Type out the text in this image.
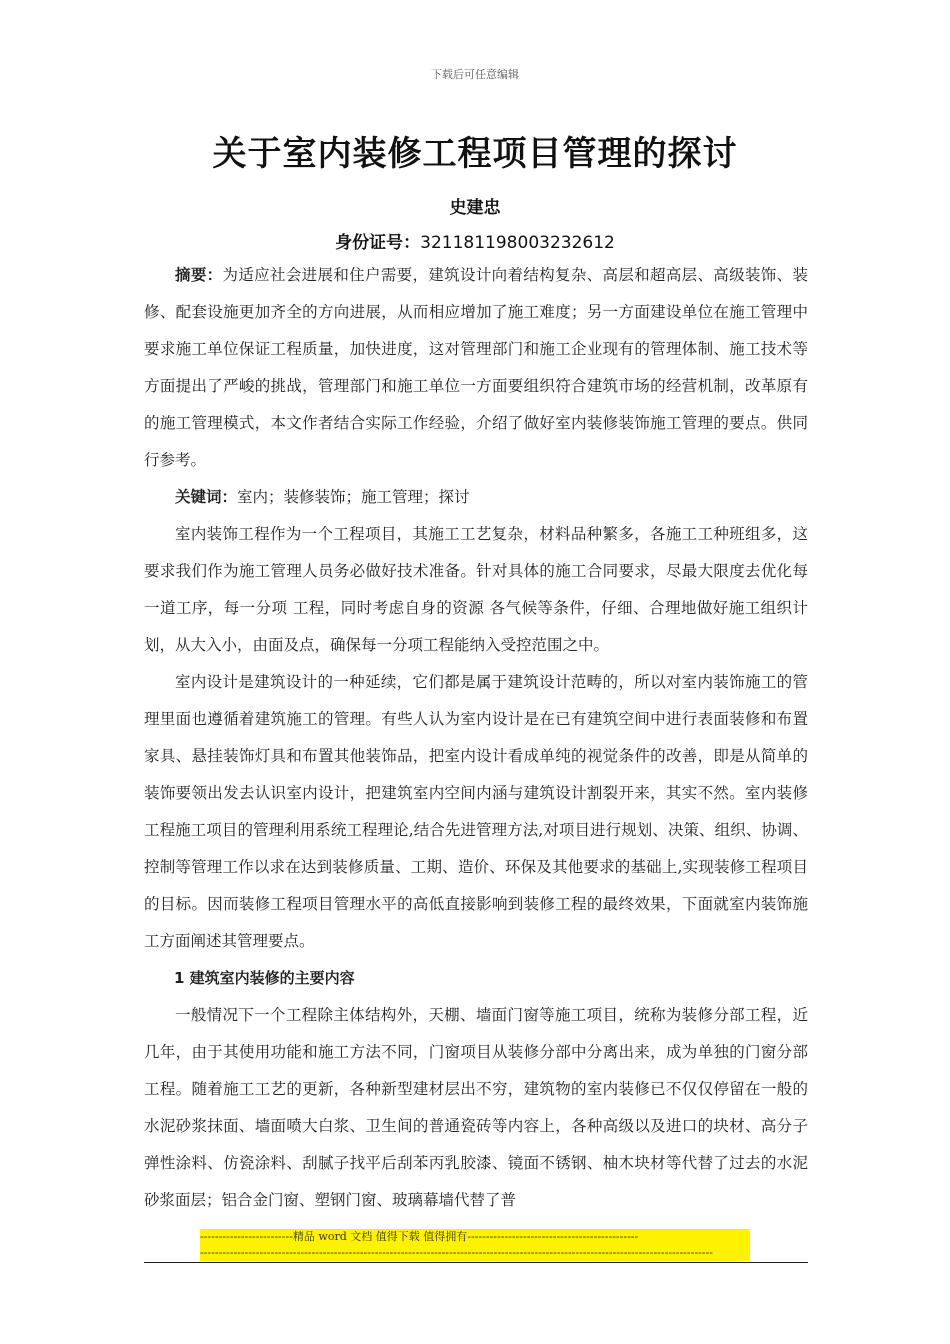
下载后可任意编辑
关于室内装修工程项目管理的探讨
史建忠
身份证号：321181198003232612

摘要：为适应社会进展和住户需要，建筑设计向着结构复杂、高层和超高层、高级装饰、装修、配套设施更加齐全的方向进展，从而相应增加了施工难度；另一方面建设单位在施工管理中要求施工单位保证工程质量，加快进度，这对管理部门和施工企业现有的管理体制、施工技术等方面提出了严峻的挑战，管理部门和施工单位一方面要组织符合建筑市场的经营机制，改革原有的施工管理模式，本文作者结合实际工作经验，介绍了做好室内装修装饰施工管理的要点。供同行参考。

关键词：室内；装修装饰；施工管理；探讨

室内装饰工程作为一个工程项目，其施工工艺复杂，材料品种繁多，各施工工种班组多，这要求我们作为施工管理人员务必做好技术准备。针对具体的施工合同要求，尽最大限度去优化每一道工序，每一分项 工程，同时考虑自身的资源 各气候等条件，仔细、合理地做好施工组织计划，从大入小，由面及点，确保每一分项工程能纳入受控范围之中。

室内设计是建筑设计的一种延续，它们都是属于建筑设计范畴的，所以对室内装饰施工的管理里面也遵循着建筑施工的管理。有些人认为室内设计是在已有建筑空间中进行表面装修和布置家具、悬挂装饰灯具和布置其他装饰品，把室内设计看成单纯的视觉条件的改善，即是从简单的装饰要领出发去认识室内设计，把建筑室内空间内涵与建筑设计割裂开来，其实不然。室内装修工程施工项目的管理利用系统工程理论,结合先进管理方法,对项目进行规划、决策、组织、协调、控制等管理工作以求在达到装修质量、工期、造价、环保及其他要求的基础上,实现装修工程项目的目标。因而装修工程项目管理水平的高低直接影响到装修工程的最终效果，下面就室内装饰施工方面阐述其管理要点。

1 建筑室内装修的主要内容

一般情况下一个工程除主体结构外，天棚、墙面门窗等施工项目，统称为装修分部工程，近几年，由于其使用功能和施工方法不同，门窗项目从装修分部中分离出来，成为单独的门窗分部工程。随着施工工艺的更新，各种新型建材层出不穷，建筑物的室内装修已不仅仅停留在一般的水泥砂浆抹面、墙面喷大白浆、卫生间的普通瓷砖等内容上，各种高级以及进口的块材、高分子弹性涂料、仿瓷涂料、刮腻子找平后刮苯丙乳胶漆、镜面不锈钢、柚木块材等代替了过去的水泥砂浆面层；铝合金门窗、塑钢门窗、玻璃幕墙代替了普

-------------------------精品 word 文档 值得下载 值得拥有----------------------------------------------
------------------------------------------------------------------------------------------------------------------------------------------
